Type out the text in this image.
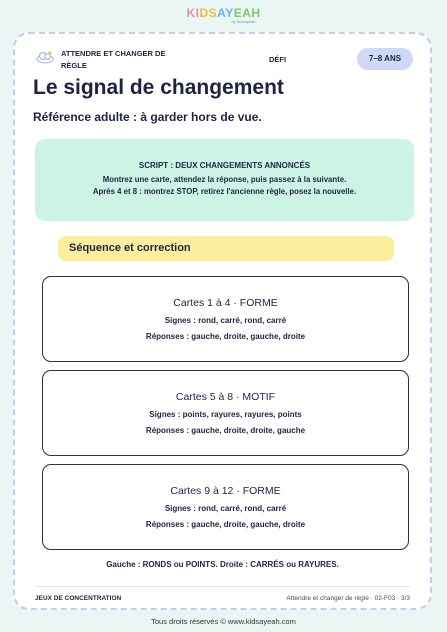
KIDSAYEAH
by Kidsayeah
ATTENDRE ET CHANGER DE RÈGLE
DÉFI	7–8 ANS
Le signal de changement

Référence adulte : à garder hors de vue.

SCRIPT : DEUX CHANGEMENTS ANNONCÉS
Montrez une carte, attendez la réponse, puis passez à la suivante.
Après 4 et 8 : montrez STOP, retirez l'ancienne règle, posez la nouvelle.
Séquence et correction
Cartes 1 à 4 · FORME
Signes : rond, carré, rond, carré
Réponses : gauche, droite, gauche, droite
Cartes 5 à 8 · MOTIF
Signes : points, rayures, rayures, points
Réponses : gauche, droite, droite, gauche
Cartes 9 à 12 · FORME
Signes : rond, carré, rond, carré
Réponses : gauche, droite, gauche, droite
Gauche : RONDS ou POINTS. Droite : CARRÉS ou RAYURES.
JEUX DE CONCENTRATION	Attendre et changer de règle · 02-F03 · 3/3
Tous droits réservés © www.kidsayeah.com
